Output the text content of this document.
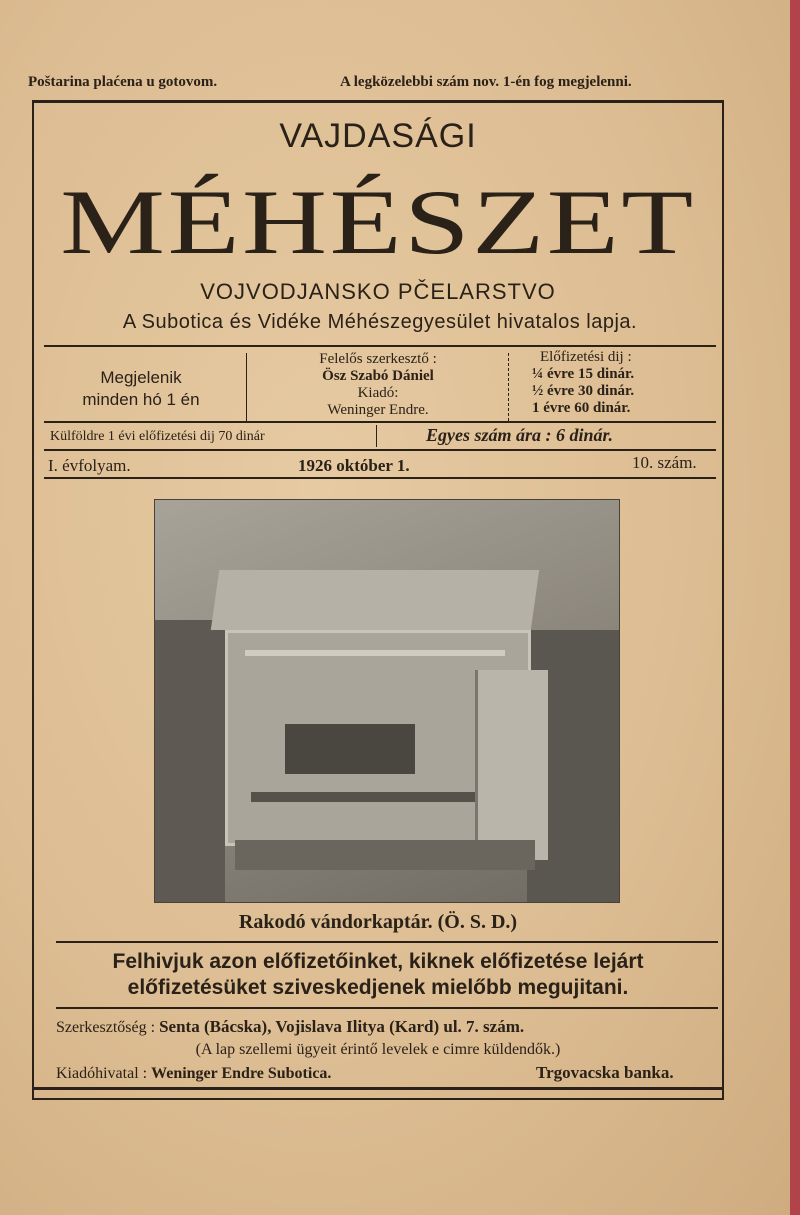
Poštarina plaćena u gotovom.	A legközelebbi szám nov. 1-én fog megjelenni.
VAJDASÁGI
MÉHÉSZET
VOJVODJANSKO PČELARSTVO
A Subotica és Vidéke Méhészegyesület hivatalos lapja.
Megjelenik
minden hó 1 én
Felelős szerkesztő :
Ösz Szabó Dániel
Kiadó:
Weninger Endre.
Előfizetési dij :
¼ évre 15 dinár.
½ évre 30 dinár.
1 évre 60 dinár.
Külföldre 1 évi előfizetési dij 70 dinár	Egyes szám ára : 6 dinár.
I. évfolyam.	1926 október 1.	10. szám.
Rakodó vándorkaptár. (Ö. S. D.)
Felhivjuk azon előfizetőinket, kiknek előfizetése lejárt
előfizetésüket sziveskedjenek mielőbb megujitani.
Szerkesztőség : Senta (Bácska), Vojislava Ilitya (Kard) ul. 7. szám.
(A lap szellemi ügyeit érintő levelek e cimre küldendők.)
Kiadóhivatal : Weninger Endre Subotica.	Trgovacska banka.
